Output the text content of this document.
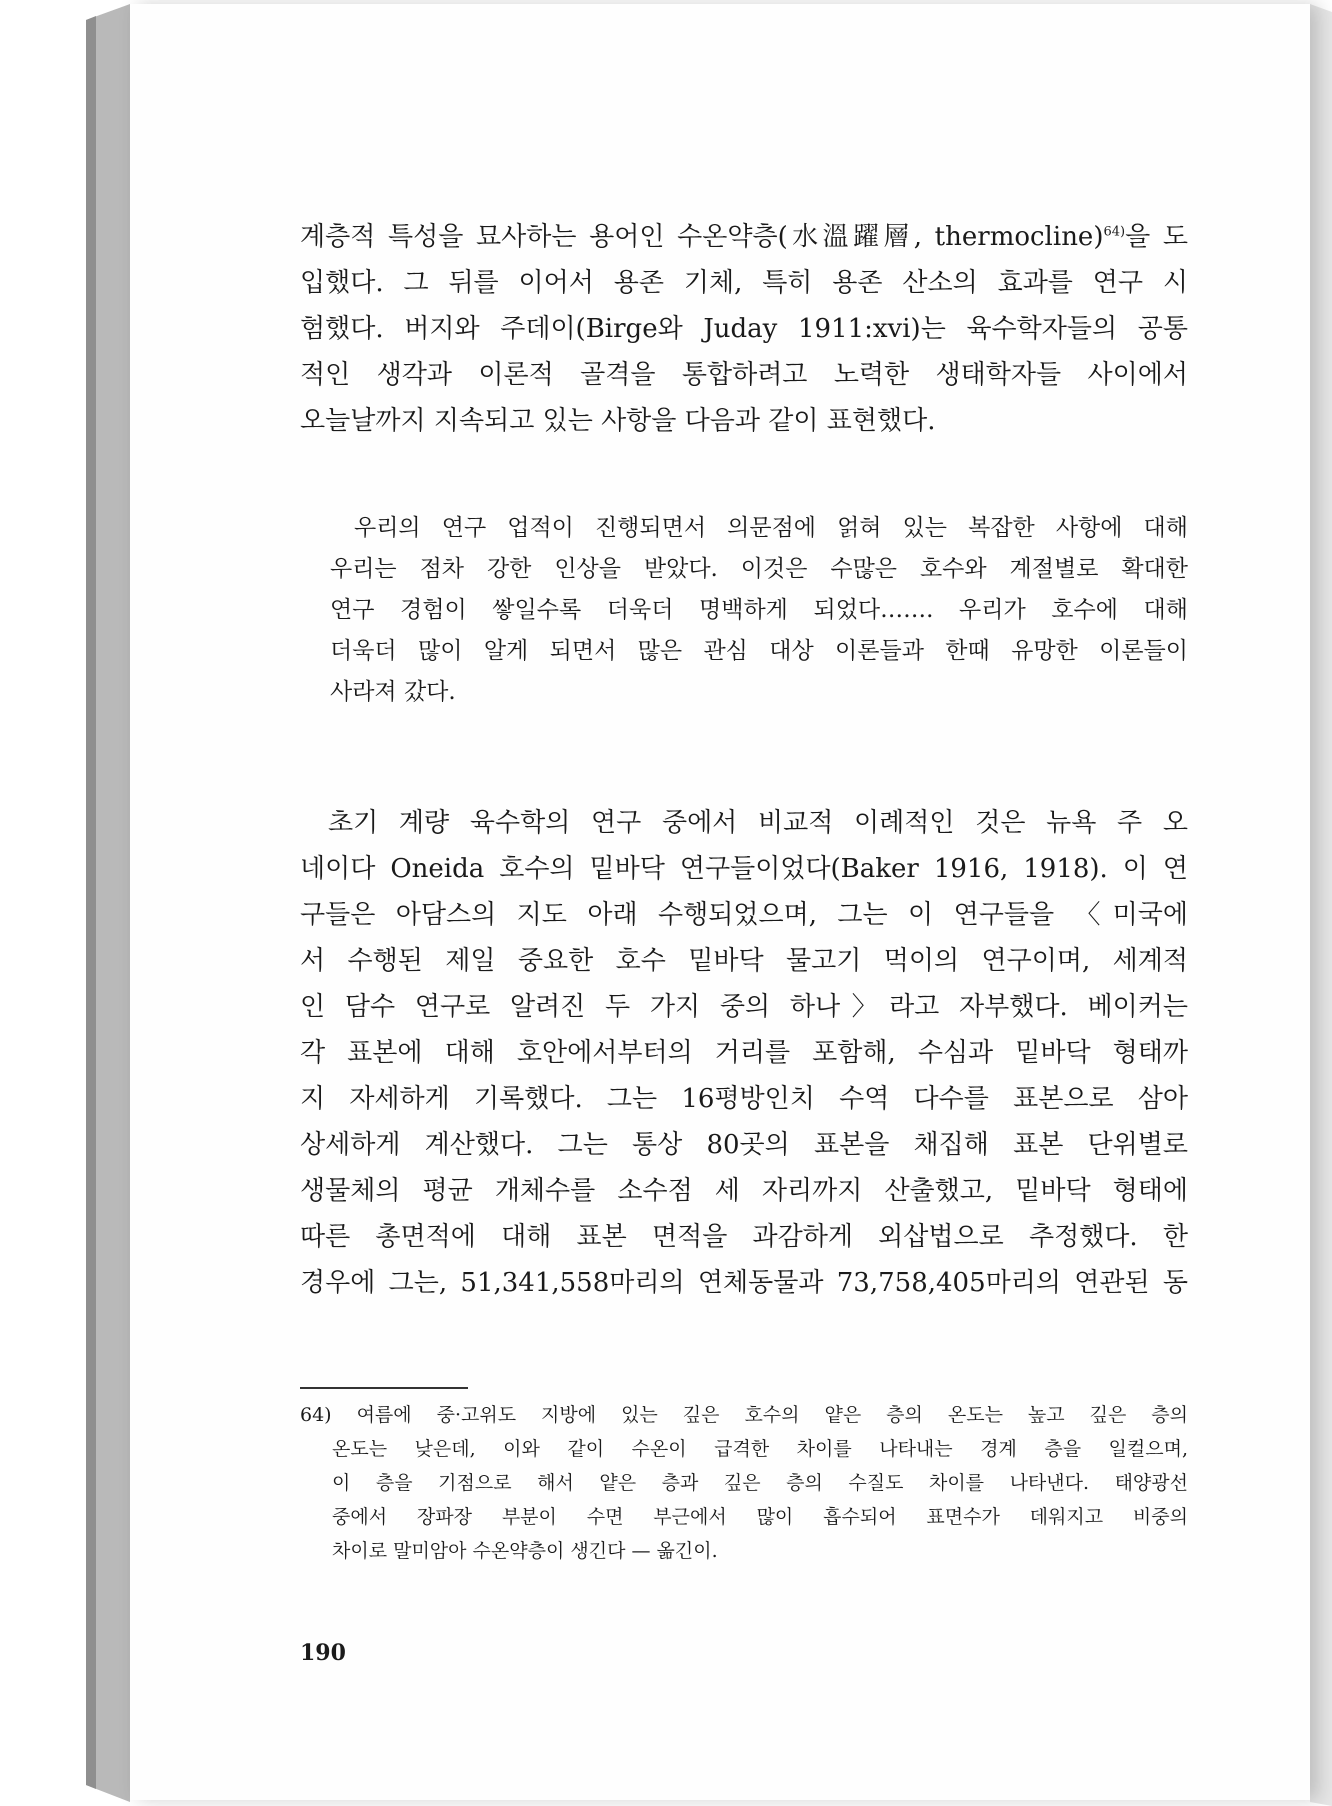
계층적 특성을 묘사하는 용어인 수온약층(水溫躍層, thermocline)$^{64)}$을 도
입했다. 그 뒤를 이어서 용존 기체, 특히 용존 산소의 효과를 연구 시
험했다. 버지와 주데이(Birge와 Juday 1911:xvi)는 육수학자들의 공통
적인 생각과 이론적 골격을 통합하려고 노력한 생태학자들 사이에서
오늘날까지 지속되고 있는 사항을 다음과 같이 표현했다.

우리의 연구 업적이 진행되면서 의문점에 얽혀 있는 복잡한 사항에 대해
우리는 점차 강한 인상을 받았다. 이것은 수많은 호수와 계절별로 확대한
연구 경험이 쌓일수록 더욱더 명백하게 되었다……. 우리가 호수에 대해
더욱더 많이 알게 되면서 많은 관심 대상 이론들과 한때 유망한 이론들이
사라져 갔다.

초기 계량 육수학의 연구 중에서 비교적 이례적인 것은 뉴욕 주 오
네이다 Oneida 호수의 밑바닥 연구들이었다(Baker 1916, 1918). 이 연
구들은 아담스의 지도 아래 수행되었으며, 그는 이 연구들을 〈미국에
서 수행된 제일 중요한 호수 밑바닥 물고기 먹이의 연구이며, 세계적
인 담수 연구로 알려진 두 가지 중의 하나〉라고 자부했다. 베이커는
각 표본에 대해 호안에서부터의 거리를 포함해, 수심과 밑바닥 형태까
지 자세하게 기록했다. 그는 16평방인치 수역 다수를 표본으로 삼아
상세하게 계산했다. 그는 통상 80곳의 표본을 채집해 표본 단위별로
생물체의 평균 개체수를 소수점 세 자리까지 산출했고, 밑바닥 형태에
따른 총면적에 대해 표본 면적을 과감하게 외삽법으로 추정했다. 한
경우에 그는, 51,341,558마리의 연체동물과 73,758,405마리의 연관된 동

64) 여름에 중·고위도 지방에 있는 깊은 호수의 얕은 층의 온도는 높고 깊은 층의
온도는 낮은데, 이와 같이 수온이 급격한 차이를 나타내는 경계 층을 일컬으며,
이 층을 기점으로 해서 얕은 층과 깊은 층의 수질도 차이를 나타낸다. 태양광선
중에서 장파장 부분이 수면 부근에서 많이 흡수되어 표면수가 데워지고 비중의
차이로 말미암아 수온약층이 생긴다 — 옮긴이.
190
